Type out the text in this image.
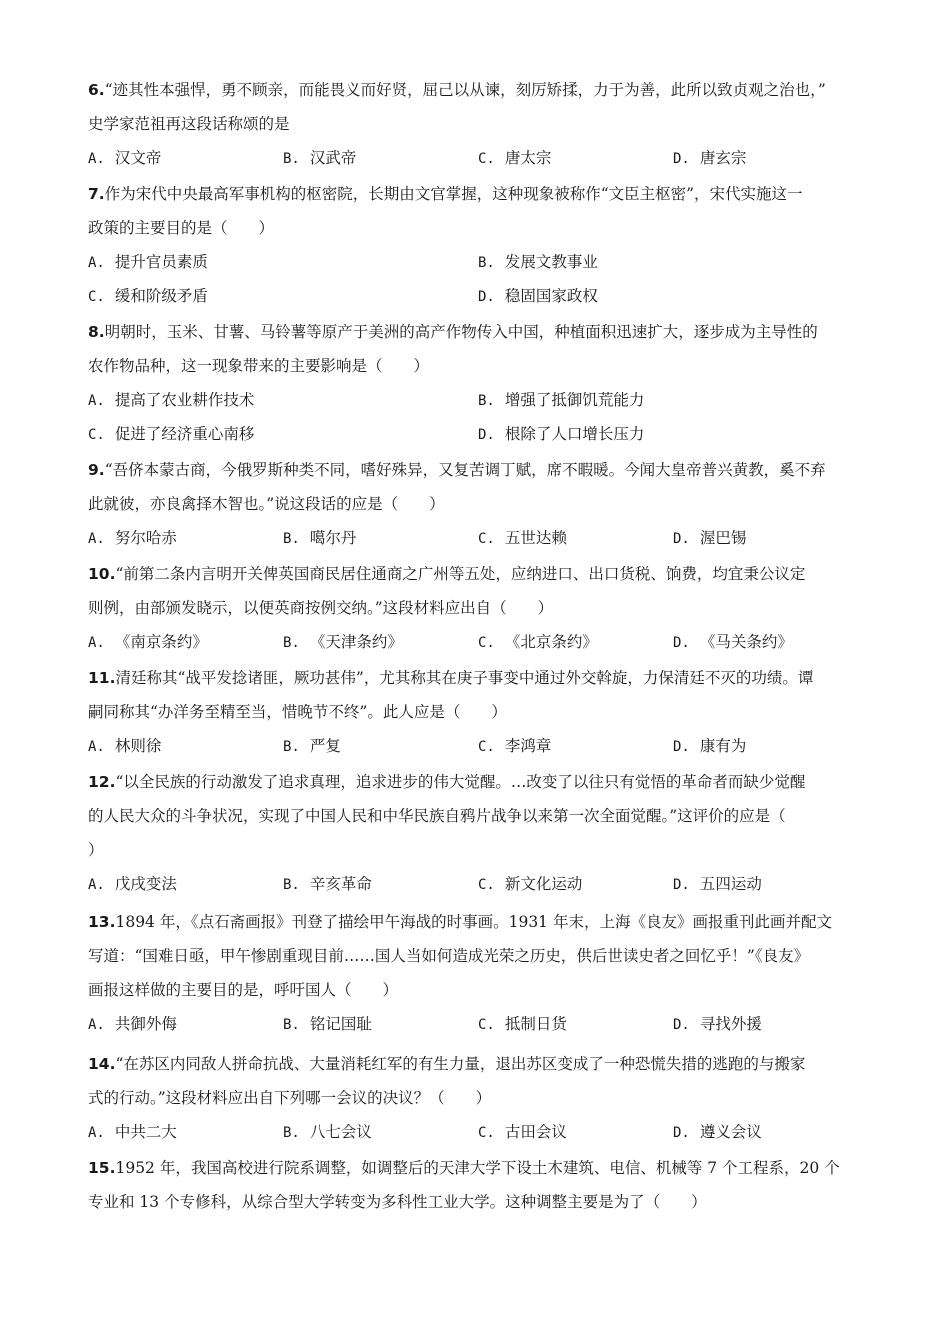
6.“迹其性本强悍，勇不顾亲，而能畏义而好贤，屈己以从谏，刻厉矫揉，力于为善，此所以致贞观之治也，”
史学家范祖再这段话称颂的是
A. 汉文帝	B. 汉武帝	C. 唐太宗	D. 唐玄宗
7.作为宋代中央最高军事机构的枢密院，长期由文官掌握，这种现象被称作“文臣主枢密”，宋代实施这一
政策的主要目的是（　　）
A. 提升官员素质	B. 发展文教事业
C. 缓和阶级矛盾	D. 稳固国家政权
8.明朝时，玉米、甘薯、马铃薯等原产于美洲的高产作物传入中国，种植面积迅速扩大，逐步成为主导性的
农作物品种，这一现象带来的主要影响是（　　）
A. 提高了农业耕作技术	B. 增强了抵御饥荒能力
C. 促进了经济重心南移	D. 根除了人口增长压力
9.“吾侪本蒙古商，今俄罗斯种类不同，嗜好殊异，又复苦调丁赋，席不暇暖。今闻大皇帝普兴黄教，奚不弃
此就彼，亦良禽择木智也。”说这段话的应是（　　）
A. 努尔哈赤	B. 噶尔丹	C. 五世达赖	D. 渥巴锡
10.“前第二条内言明开关俾英国商民居住通商之广州等五处，应纳进口、出口货税、饷费，均宜秉公议定
则例，由部颁发晓示，以便英商按例交纳。”这段材料应出自（　　）
A. 《南京条约》	B. 《天津条约》	C. 《北京条约》	D. 《马关条约》
11.清廷称其“战平发捻诸匪，厥功甚伟”，尤其称其在庚子事变中通过外交斡旋，力保清廷不灭的功绩。谭
嗣同称其“办洋务至精至当，惜晚节不终”。此人应是（　　）
A. 林则徐	B. 严复	C. 李鸿章	D. 康有为
12.“以全民族的行动激发了追求真理，追求进步的伟大觉醒。…改变了以往只有觉悟的革命者而缺少觉醒
的人民大众的斗争状况，实现了中国人民和中华民族自鸦片战争以来第一次全面觉醒。”这评价的应是（
）
A. 戊戌变法	B. 辛亥革命	C. 新文化运动	D. 五四运动
13.1894 年，《点石斋画报》刊登了描绘甲午海战的时事画。1931 年末，上海《良友》画报重刊此画并配文
写道：“国难日亟，甲午惨剧重现目前……国人当如何造成光荣之历史，供后世读史者之回忆乎！”《良友》
画报这样做的主要目的是，呼吁国人（　　）
A. 共御外侮	B. 铭记国耻	C. 抵制日货	D. 寻找外援
14.“在苏区内同敌人拼命抗战、大量消耗红军的有生力量，退出苏区变成了一种恐慌失措的逃跑的与搬家
式的行动。”这段材料应出自下列哪一会议的决议？（　　）
A. 中共二大	B. 八七会议	C. 古田会议	D. 遵义会议
15.1952 年，我国高校进行院系调整，如调整后的天津大学下设土木建筑、电信、机械等 7 个工程系，20 个
专业和 13 个专修科，从综合型大学转变为多科性工业大学。这种调整主要是为了（　　）
